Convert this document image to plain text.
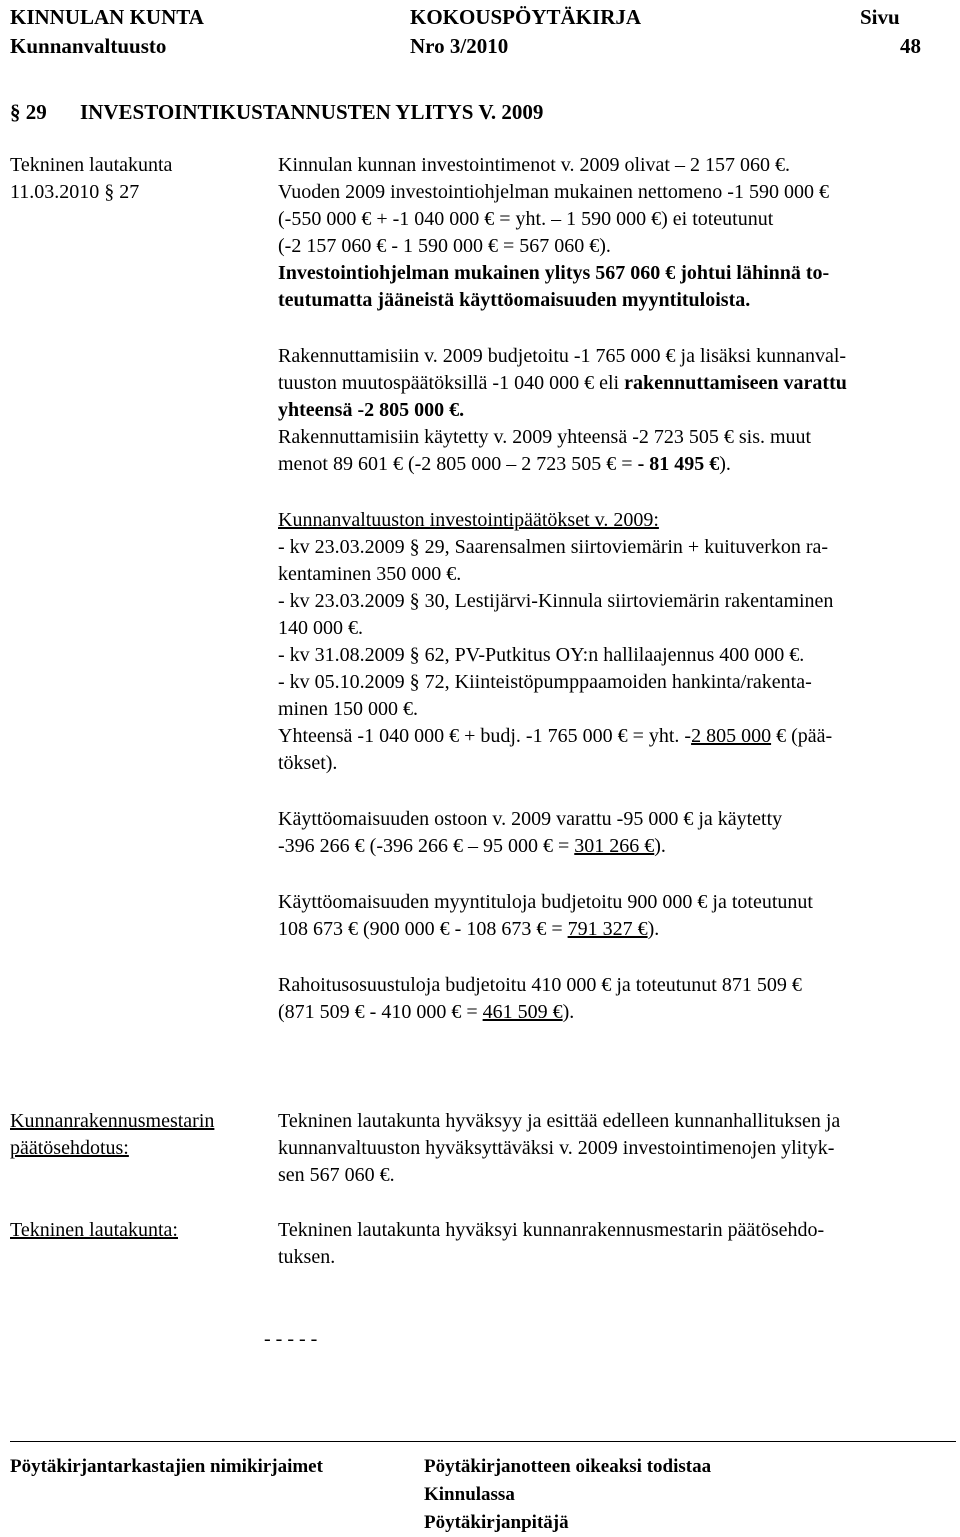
KINNULAN KUNTA
Kunnanvaltuusto
KOKOUSPÖYTÄKIRJA
Nro 3/2010
Sivu
48
§ 29 INVESTOINTIKUSTANNUSTEN YLITYS V. 2009
Tekninen lautakunta
11.03.2010 § 27
Kinnulan kunnan investointimenot v. 2009 olivat – 2 157 060 €.
Vuoden 2009 investointiohjelman mukainen nettomeno -1 590 000 €
(-550 000 € + -1 040 000 € = yht. – 1 590 000 €) ei toteutunut
(-2 157 060 € - 1 590 000 € = 567 060 €).
Investointiohjelman mukainen ylitys 567 060 € johtui lähinnä to-
teutumatta jääneistä käyttöomaisuuden myyntituloista.
Rakennuttamisiin v. 2009 budjetoitu -1 765 000 € ja lisäksi kunnanval-
tuuston muutospäätöksillä -1 040 000 € eli rakennuttamiseen varattu
yhteensä -2 805 000 €.
Rakennuttamisiin käytetty v. 2009 yhteensä -2 723 505 € sis. muut
menot 89 601 € (-2 805 000 – 2 723 505 € = - 81 495 €).
Kunnanvaltuuston investointipäätökset v. 2009:
- kv 23.03.2009 § 29, Saarensalmen siirtoviemärin + kuituverkon ra-
kentaminen 350 000 €.
- kv 23.03.2009 § 30, Lestijärvi-Kinnula siirtoviemärin rakentaminen
140 000 €.
- kv 31.08.2009 § 62, PV-Putkitus OY:n hallilaajennus 400 000 €.
- kv 05.10.2009 § 72, Kiinteistöpumppaamoiden hankinta/rakenta-
minen 150 000 €.
Yhteensä -1 040 000 € + budj. -1 765 000 € = yht. -2 805 000 € (pää-
tökset).
Käyttöomaisuuden ostoon v. 2009 varattu -95 000 € ja käytetty
-396 266 € (-396 266 € – 95 000 € = 301 266 €).
Käyttöomaisuuden myyntituloja budjetoitu 900 000 € ja toteutunut
108 673 € (900 000 € - 108 673 € = 791 327 €).
Rahoitusosuustuloja budjetoitu 410 000 € ja toteutunut 871 509 €
(871 509 € - 410 000 € = 461 509 €).
Kunnanrakennusmestarin
päätösehdotus:
Tekninen lautakunta hyväksyy ja esittää edelleen kunnanhallituksen ja
kunnanvaltuuston hyväksyttäväksi v. 2009 investointimenojen ylityk-
sen 567 060 €.
Tekninen lautakunta:	Tekninen lautakunta hyväksyi kunnanrakennusmestarin päätösehdo-
tuksen.
- - - - -
Pöytäkirjantarkastajien nimikirjaimet	Pöytäkirjanotteen oikeaksi todistaa
Kinnulassa
Pöytäkirjanpitäjä
